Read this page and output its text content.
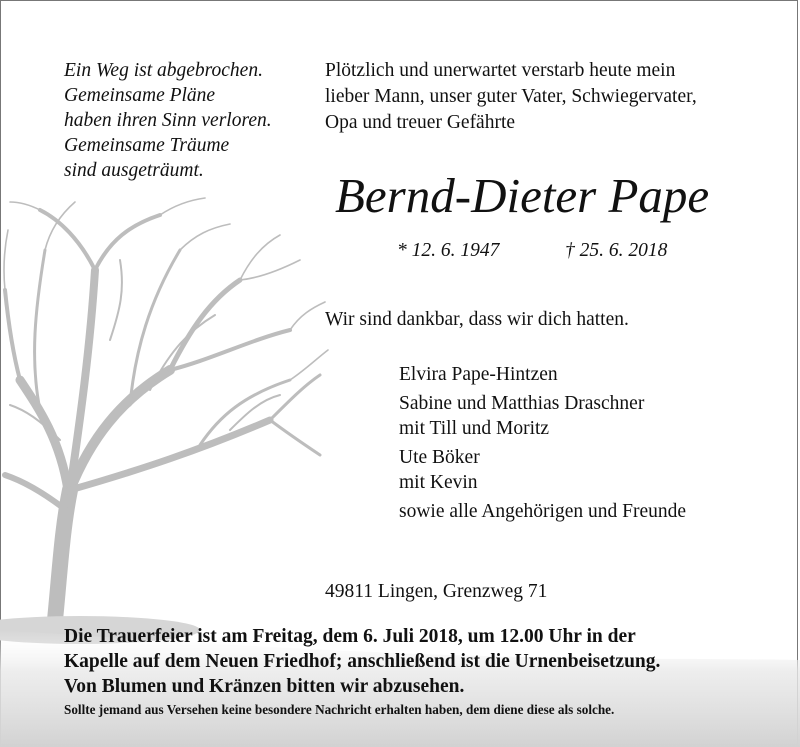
Ein Weg ist abgebrochen.
Gemeinsame Pläne
haben ihren Sinn verloren.
Gemeinsame Träume
sind ausgeträumt.
Plötzlich und unerwartet verstarb heute mein
lieber Mann, unser guter Vater, Schwiegervater,
Opa und treuer Gefährte
Bernd-Dieter Pape
* 12. 6. 1947	† 25. 6. 2018
Wir sind dankbar, dass wir dich hatten.
Elvira Pape-Hintzen
Sabine und Matthias Draschner
mit Till und Moritz
Ute Böker
mit Kevin
sowie alle Angehörigen und Freunde
49811 Lingen, Grenzweg 71
Die Trauerfeier ist am Freitag, dem 6. Juli 2018, um 12.00 Uhr in der
Kapelle auf dem Neuen Friedhof; anschließend ist die Urnenbeisetzung.
Von Blumen und Kränzen bitten wir abzusehen.
Sollte jemand aus Versehen keine besondere Nachricht erhalten haben, dem diene diese als solche.
